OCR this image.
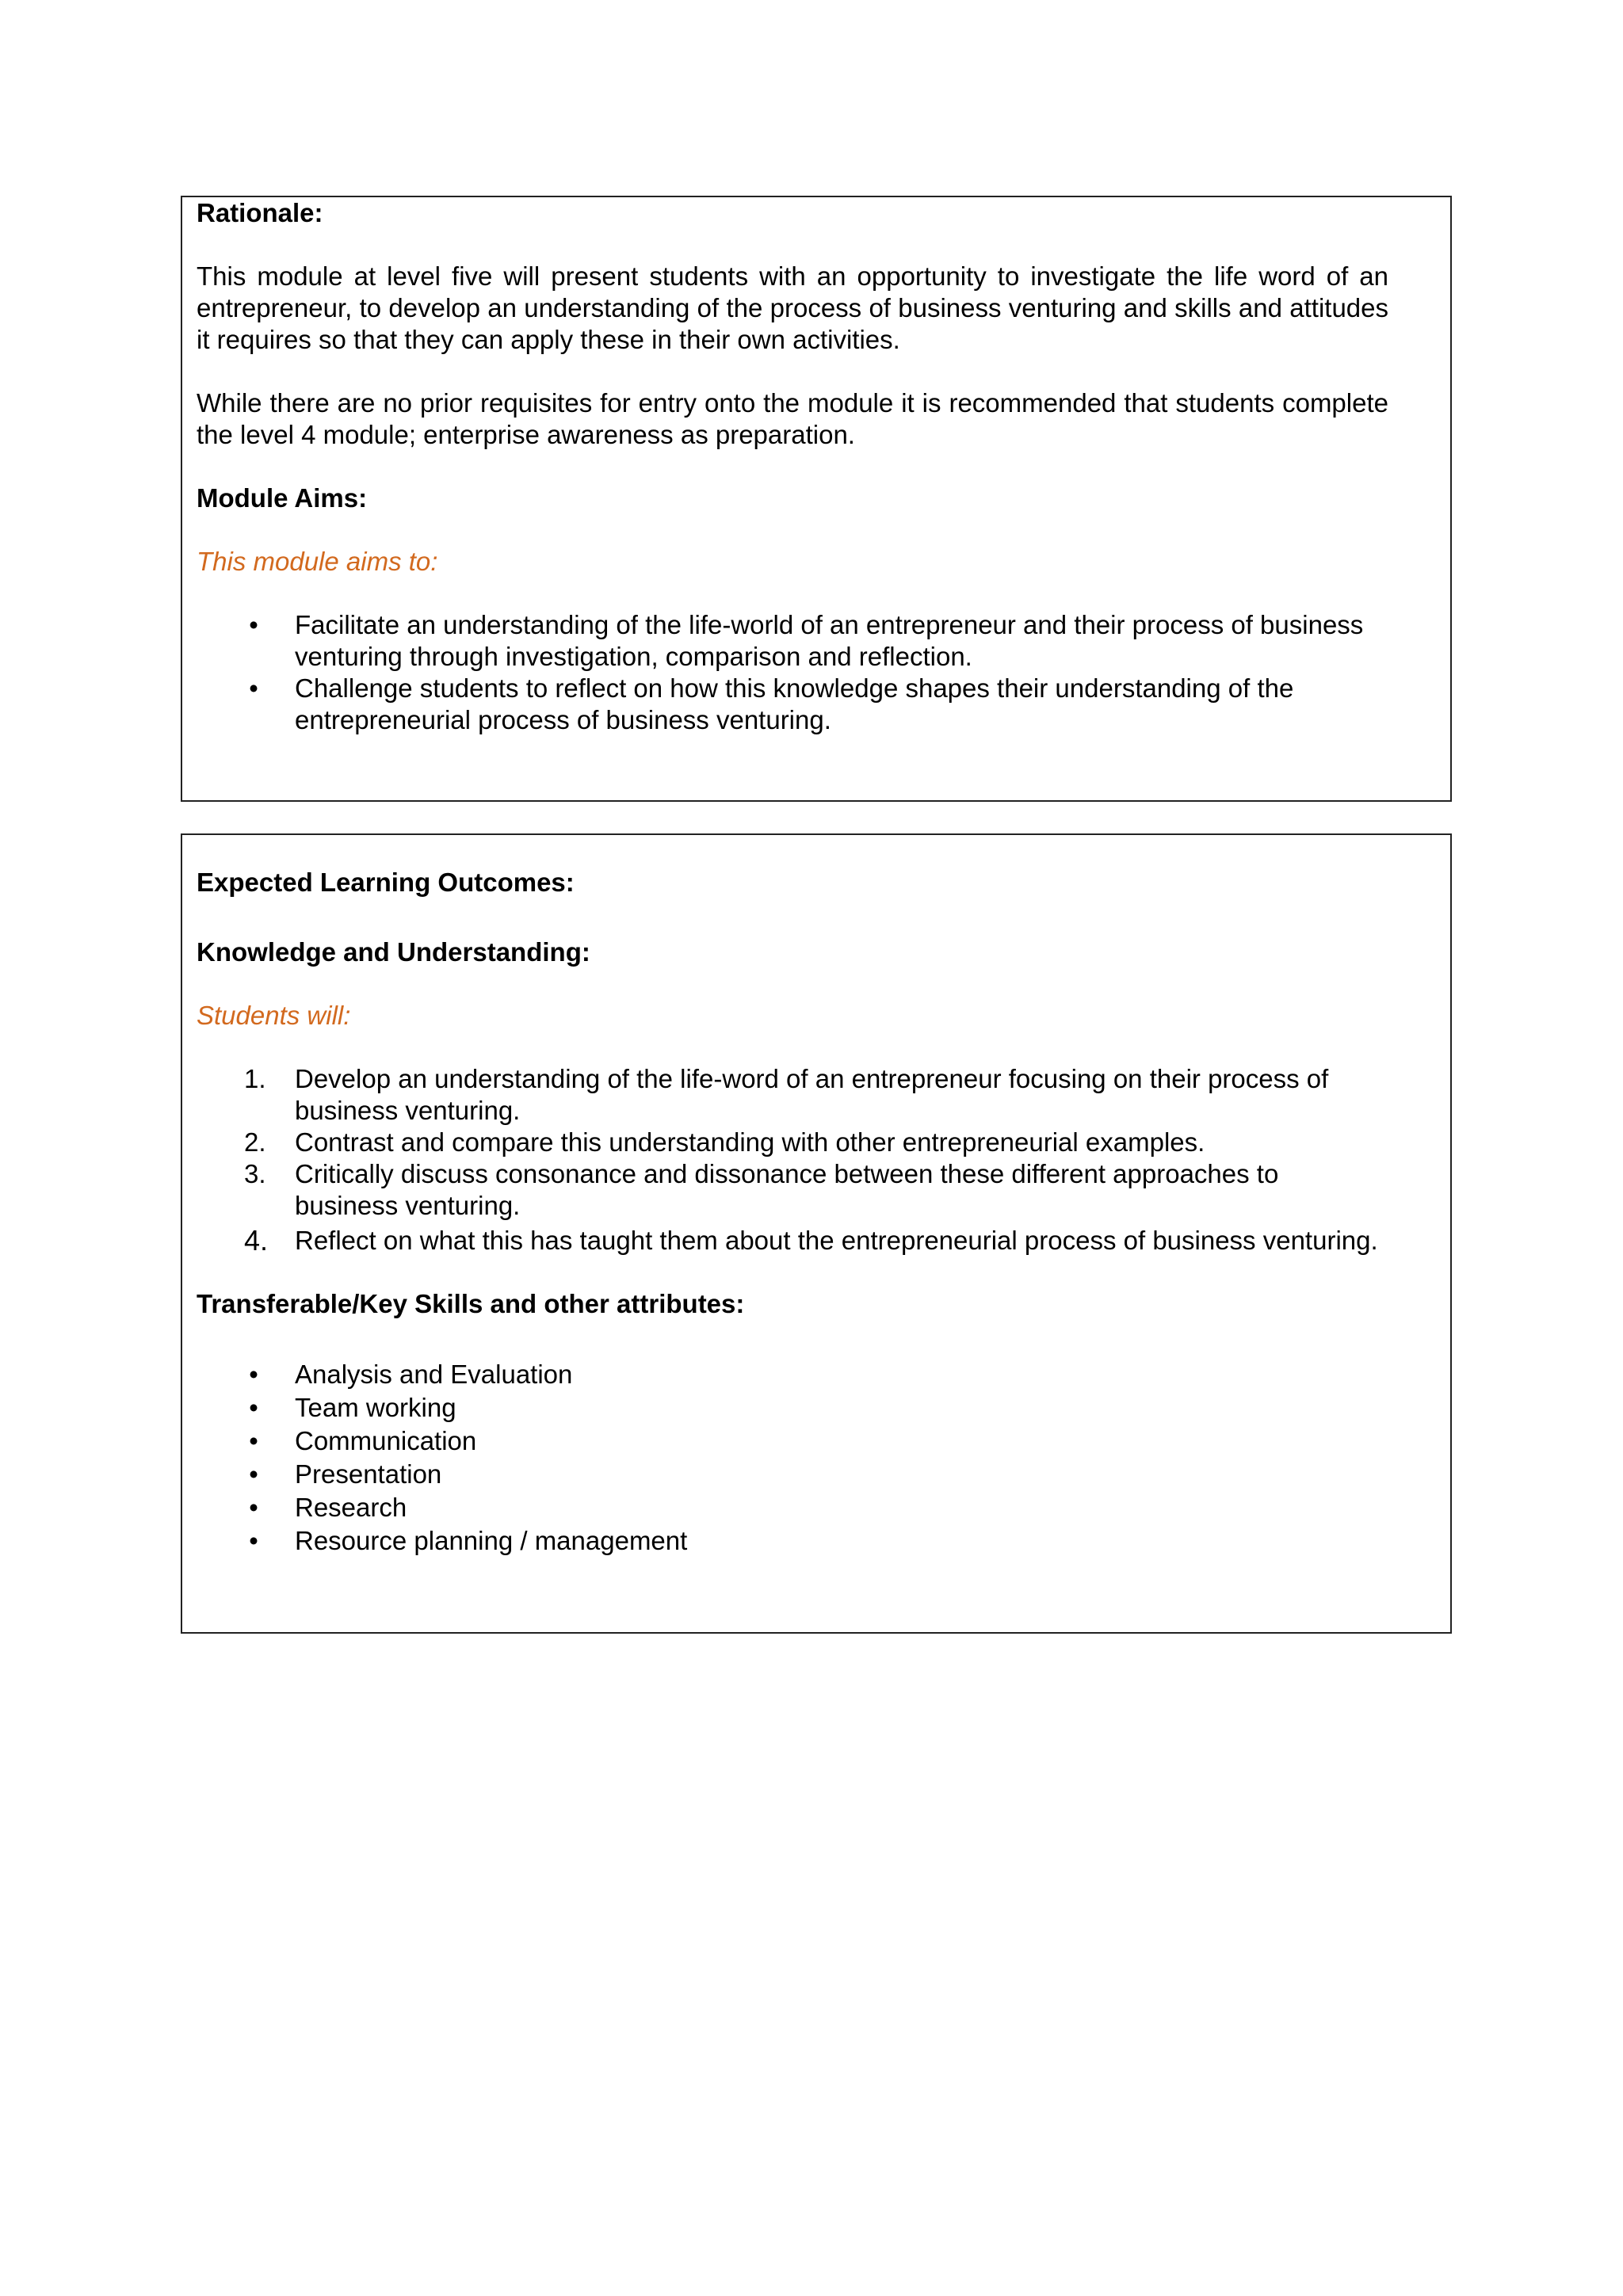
Rationale:

This module at level five will present students with an opportunity to investigate the life word of an entrepreneur, to develop an understanding of the process of business venturing and skills and attitudes it requires so that they can apply these in their own activities.

While there are no prior requisites for entry onto the module it is recommended that students complete the level 4 module; enterprise awareness as preparation.

Module Aims:

This module aims to:

• Facilitate an understanding of the life-world of an entrepreneur and their process of business venturing through investigation, comparison and reflection.
• Challenge students to reflect on how this knowledge shapes their understanding of the entrepreneurial process of business venturing.

Expected Learning Outcomes:

Knowledge and Understanding:

Students will:

1.	Develop an understanding of the life-word of an entrepreneur focusing on their process of business venturing.
2.	Contrast and compare this understanding with other entrepreneurial examples.
3.	Critically discuss consonance and dissonance between these different approaches to business venturing.
4.	Reflect on what this has taught them about the entrepreneurial process of business venturing.

Transferable/Key Skills and other attributes:

• Analysis and Evaluation
• Team working
• Communication
• Presentation
• Research
• Resource planning / management
